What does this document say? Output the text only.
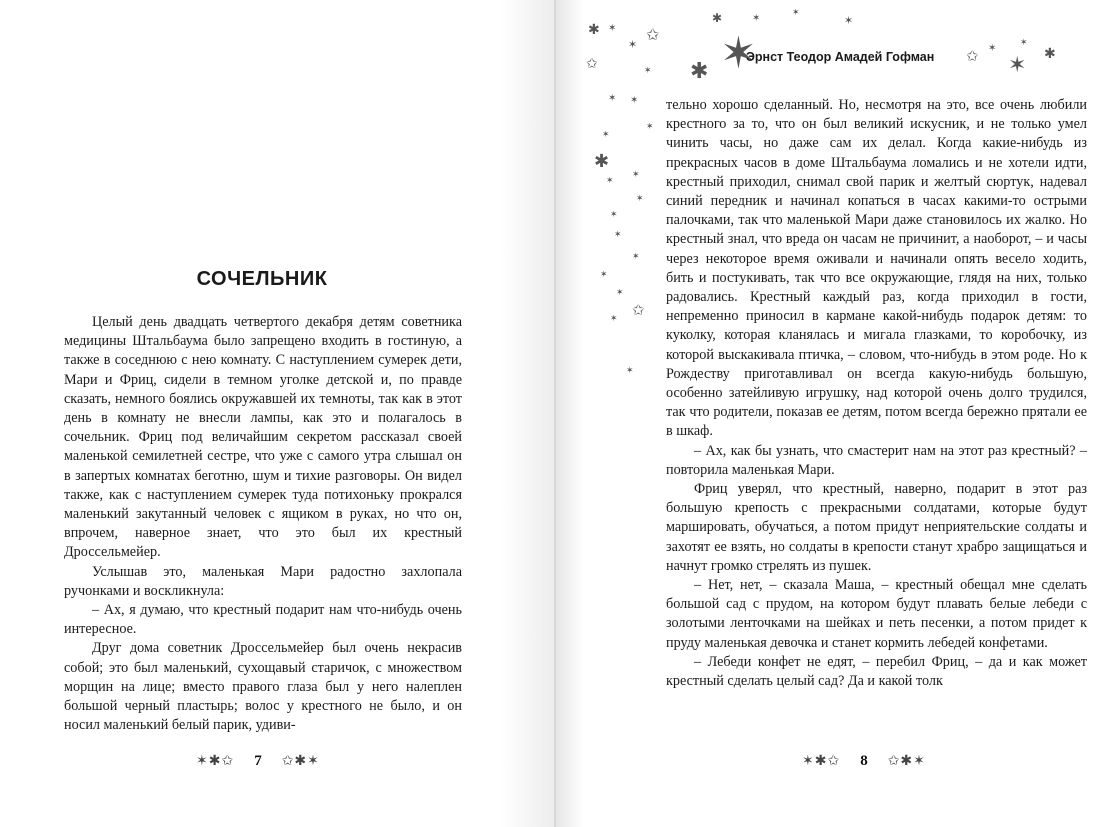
СОЧЕЛЬНИК

Целый день двадцать четвертого декабря детям советника медицины Штальбаума было запрещено входить в гостиную, а также в соседнюю с нею комнату. С наступлением сумерек дети, Мари и Фриц, сидели в темном уголке детской и, по правде сказать, немного боялись окружавшей их темноты, так как в этот день в комнату не внесли лампы, как это и полагалось в сочельник. Фриц под величайшим секретом рассказал своей маленькой семилетней сестре, что уже с самого утра слышал он в запертых комнатах беготню, шум и тихие разговоры. Он видел также, как с наступлением сумерек туда потихоньку прокрался маленький закутанный человек с ящиком в руках, но что он, впрочем, наверное знает, что это был их крестный Дроссельмейер.

Услышав это, маленькая Мари радостно захлопала ручонками и воскликнула:

– Ах, я думаю, что крестный подарит нам что-нибудь очень интересное.

Друг дома советник Дроссельмейер был очень некрасив собой; это был маленький, сухощавый старичок, с множеством морщин на лице; вместо правого глаза был у него налеплен большой черный пластырь; волос у крестного не было, и он носил маленький белый парик, удиви-

✶✱✩ 7 ✩✱✶
✱	✶
✶
✶
✱ ✶ ✩
✶ ✶
✩	✱
✶
✩
✶
✶
✱
✶
✶ ✶
✶
✶
✱
✶
✶
✶
✶
✶
✶
✶
✶
✩
✶
✶
Эрнст Теодор Амадей Гофман

тельно хорошо сделанный. Но, несмотря на это, все очень любили крестного за то, что он был великий искусник, и не только умел чинить часы, но даже сам их делал. Когда какие-нибудь из прекрасных часов в доме Штальбаума ломались и не хотели идти, крестный приходил, снимал свой парик и желтый сюртук, надевал синий передник и начинал копаться в часах какими-то острыми палочками, так что маленькой Мари даже становилось их жалко. Но крестный знал, что вреда он часам не причинит, а наоборот, – и часы через некоторое время оживали и начинали опять весело ходить, бить и постукивать, так что все окружающие, глядя на них, только радовались. Крестный каждый раз, когда приходил в гости, непременно приносил в кармане какой-нибудь подарок детям: то куколку, которая кланялась и мигала глазками, то коробочку, из которой выскакивала птичка, – словом, что-нибудь в этом роде. Но к Рождеству приготавливал он всегда какую-нибудь большую, особенно затейливую игрушку, над которой очень долго трудился, так что родители, показав ее детям, потом всегда бережно прятали ее в шкаф.

– Ах, как бы узнать, что смастерит нам на этот раз крестный? – повторила маленькая Мари.

Фриц уверял, что крестный, наверно, подарит в этот раз большую крепость с прекрасными солдатами, которые будут маршировать, обучаться, а потом придут неприятельские солдаты и захотят ее взять, но солдаты в крепости станут храбро защищаться и начнут громко стрелять из пушек.

– Нет, нет, – сказала Маша, – крестный обещал мне сделать большой сад с прудом, на котором будут плавать белые лебеди с золотыми ленточками на шейках и петь песенки, а потом придет к пруду маленькая девочка и станет кормить лебедей конфетами.

– Лебеди конфет не едят, – перебил Фриц, – да и как может крестный сделать целый сад? Да и какой толк

✶✱✩ 8 ✩✱✶
